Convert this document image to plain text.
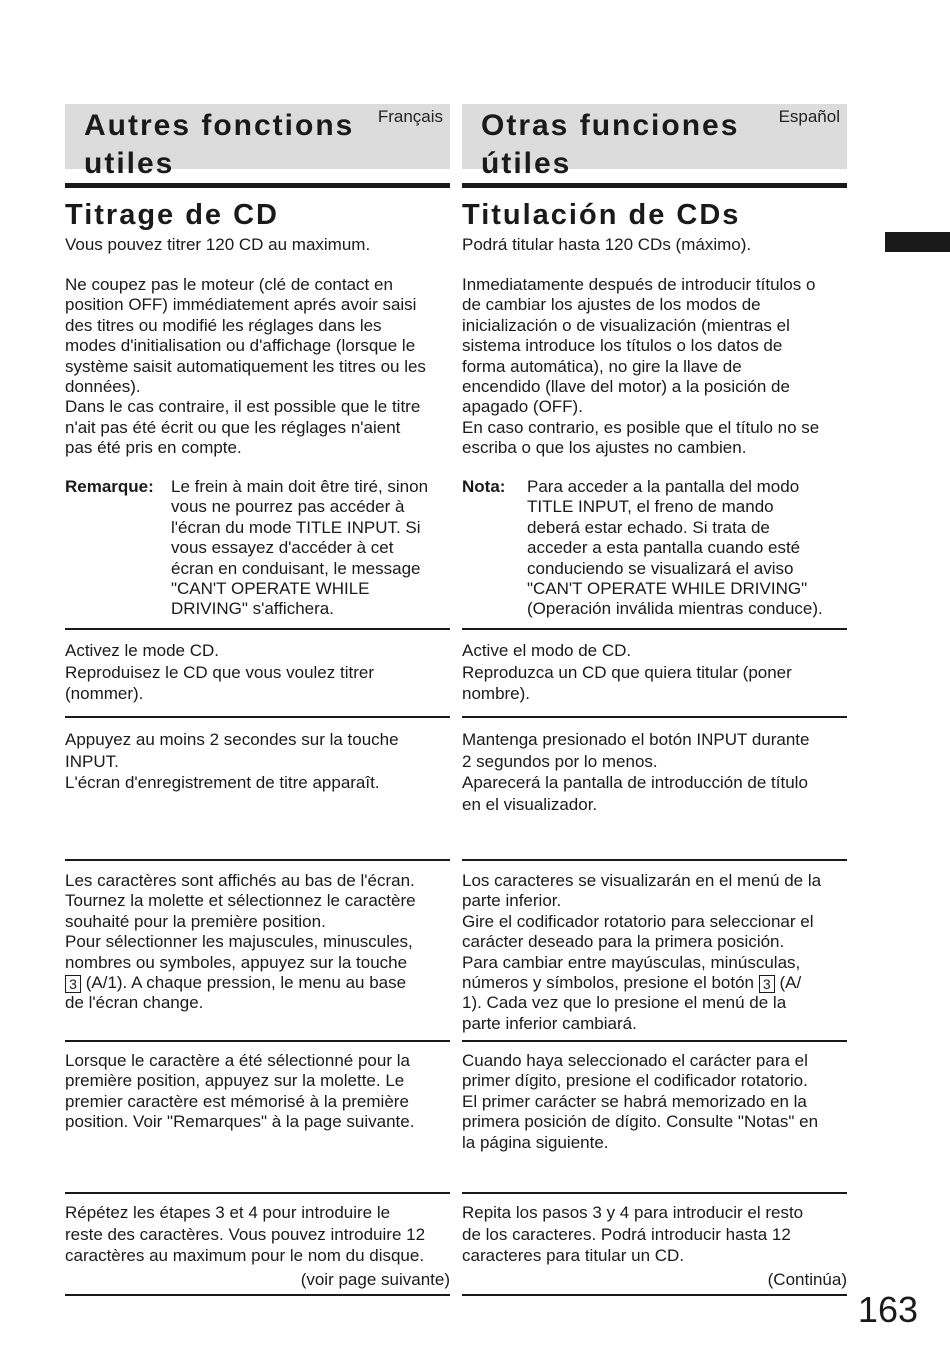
Autres fonctions
utiles
Français
Titrage de CD

Vous pouvez titrer 120 CD au maximum.

Ne coupez pas le moteur (clé de contact en
position OFF) immédiatement aprés avoir saisi
des titres ou modifié les réglages dans les
modes d'initialisation ou d'affichage (lorsque le
système saisit automatiquement les titres ou les
données).
Dans le cas contraire, il est possible que le titre
n'ait pas été écrit ou que les réglages n'aient
pas été pris en compte.

Remarque: Le frein à main doit être tiré, sinon
vous ne pourrez pas accéder à
l'écran du mode TITLE INPUT. Si
vous essayez d'accéder à cet
écran en conduisant, le message
"CAN'T OPERATE WHILE
DRIVING" s'affichera.

Activez le mode CD.
Reproduisez le CD que vous voulez titrer
(nommer).

Appuyez au moins 2 secondes sur la touche
INPUT.
L'écran d'enregistrement de titre apparaît.

Les caractères sont affichés au bas de l'écran.
Tournez la molette et sélectionnez le caractère
souhaité pour la première position.
Pour sélectionner les majuscules, minuscules,
nombres ou symboles, appuyez sur la touche
3 (A/1). A chaque pression, le menu au base
de l'écran change.

Lorsque le caractère a été sélectionné pour la
première position, appuyez sur la molette. Le
premier caractère est mémorisé à la première
position. Voir "Remarques" à la page suivante.

Répétez les étapes 3 et 4 pour introduire le
reste des caractères. Vous pouvez introduire 12
caractères au maximum pour le nom du disque.

(voir page suivante)
Otras funciones
útiles
Español
Titulación de CDs

Podrá titular hasta 120 CDs (máximo).

Inmediatamente después de introducir títulos o
de cambiar los ajustes de los modos de
inicialización o de visualización (mientras el
sistema introduce los títulos o los datos de
forma automática), no gire la llave de
encendido (llave del motor) a la posición de
apagado (OFF).
En caso contrario, es posible que el título no se
escriba o que los ajustes no cambien.

Nota: Para acceder a la pantalla del modo
TITLE INPUT, el freno de mando
deberá estar echado. Si trata de
acceder a esta pantalla cuando esté
conduciendo se visualizará el aviso
"CAN'T OPERATE WHILE DRIVING"
(Operación inválida mientras conduce).

Active el modo de CD.
Reproduzca un CD que quiera titular (poner
nombre).

Mantenga presionado el botón INPUT durante
2 segundos por lo menos.
Aparecerá la pantalla de introducción de título
en el visualizador.

Los caracteres se visualizarán en el menú de la
parte inferior.
Gire el codificador rotatorio para seleccionar el
carácter deseado para la primera posición.
Para cambiar entre mayúsculas, minúsculas,
números y símbolos, presione el botón 3 (A/
1). Cada vez que lo presione el menú de la
parte inferior cambiará.

Cuando haya seleccionado el carácter para el
primer dígito, presione el codificador rotatorio.
El primer carácter se habrá memorizado en la
primera posición de dígito. Consulte "Notas" en
la página siguiente.

Repita los pasos 3 y 4 para introducir el resto
de los caracteres. Podrá introducir hasta 12
caracteres para titular un CD.

(Continúa)
163
